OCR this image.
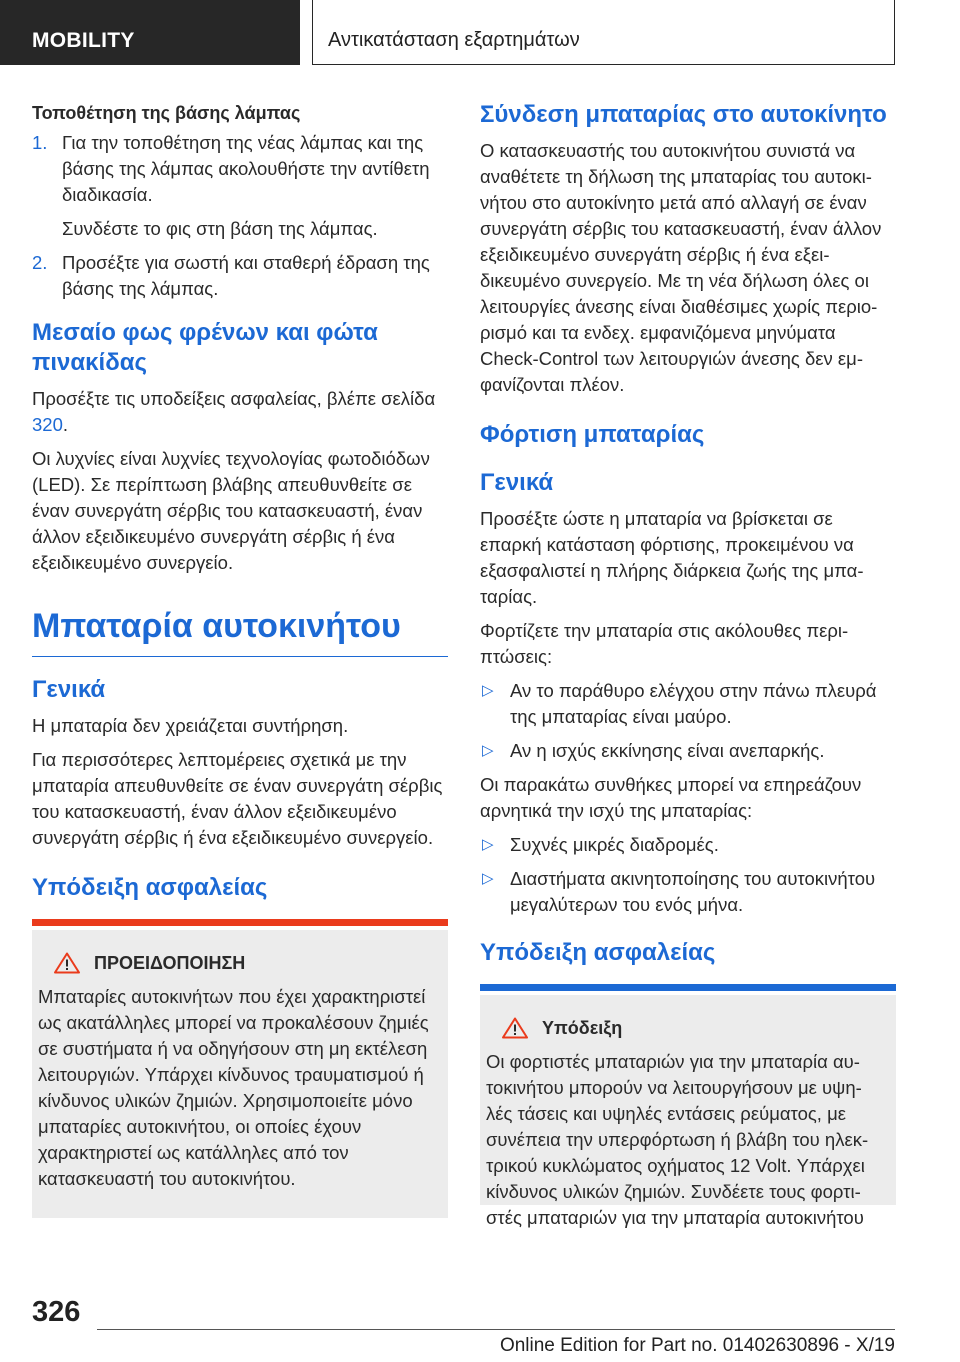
MOBILITY	Αντικατάσταση εξαρτημάτων
Τοποθέτηση της βάσης λάμπας
1. Για την τοποθέτηση της νέας λάμπας και της βάσης της λάμπας ακολουθήστε την αντίθετη διαδικασία.

Συνδέστε το φις στη βάση της λάμπας.

2. Προσέξτε για σωστή και σταθερή έδραση της βάσης της λάμπας.
Μεσαίο φως φρένων και φώτα πινακίδας

Προσέξτε τις υποδείξεις ασφαλείας, βλέπε σελίδα 320.

Οι λυχνίες είναι λυχνίες τεχνολογίας φωτοδιόδων (LED). Σε περίπτωση βλάβης απευθυνθείτε σε έναν συνεργάτη σέρβις του κατασκευαστή, έναν άλλον εξειδικευμένο συνεργάτη σέρβις ή ένα εξειδικευμένο συνεργείο.

Μπαταρία αυτοκινήτου
Γενικά

Η μπαταρία δεν χρειάζεται συντήρηση.

Για περισσότερες λεπτομέρειες σχετικά με την μπαταρία απευθυνθείτε σε έναν συνεργάτη σέρβις του κατασκευαστή, έναν άλλον εξειδικευμένο συνεργάτη σέρβις ή ένα εξειδικευμένο συνεργείο.

Υπόδειξη ασφαλείας
ΠΡΟΕΙΔΟΠΟΙΗΣΗ

Μπαταρίες αυτοκινήτων που έχει χαρακτηριστεί ως ακατάλληλες μπορεί να προκαλέσουν ζημιές σε συστήματα ή να οδηγήσουν στη μη εκτέλεση λειτουργιών. Υπάρχει κίνδυνος τραυματισμού ή κίνδυνος υλικών ζημιών. Χρησιμοποιείτε μόνο μπαταρίες αυτοκινήτου, οι οποίες έχουν χαρακτηριστεί ως κατάλληλες από τον κατασκευαστή του αυτοκινήτου.

Σύνδεση μπαταρίας στο αυτοκίνητο

Ο κατασκευαστής του αυτοκινήτου συνιστά να αναθέτετε τη δήλωση της μπαταρίας του αυτοκινήτου στο αυτοκίνητο μετά από αλλαγή σε έναν συνεργάτη σέρβις του κατασκευαστή, έναν άλλον εξειδικευμένο συνεργάτη σέρβις ή ένα εξειδικευμένο συνεργείο. Με τη νέα δήλωση όλες οι λειτουργίες άνεσης είναι διαθέσιμες χωρίς περιορισμό και τα ενδεχ. εμφανιζόμενα μηνύματα Check-Control των λειτουργιών άνεσης δεν εμφανίζονται πλέον.

Φόρτιση μπαταρίας
Γενικά

Προσέξτε ώστε η μπαταρία να βρίσκεται σε επαρκή κατάσταση φόρτισης, προκειμένου να εξασφαλιστεί η πλήρης διάρκεια ζωής της μπαταρίας.

Φορτίζετε την μπαταρία στις ακόλουθες περιπτώσεις:

▷ Αν το παράθυρο ελέγχου στην πάνω πλευρά της μπαταρίας είναι μαύρο.
▷ Αν η ισχύς εκκίνησης είναι ανεπαρκής.

Οι παρακάτω συνθήκες μπορεί να επηρεάζουν αρνητικά την ισχύ της μπαταρίας:

▷ Συχνές μικρές διαδρομές.
▷ Διαστήματα ακινητοποίησης του αυτοκινήτου μεγαλύτερων του ενός μήνα.
Υπόδειξη ασφαλείας
Υπόδειξη

Οι φορτιστές μπαταριών για την μπαταρία αυτοκινήτου μπορούν να λειτουργήσουν με υψηλές τάσεις και υψηλές εντάσεις ρεύματος, με συνέπεια την υπερφόρτωση ή βλάβη του ηλεκτρικού κυκλώματος οχήματος 12 Volt. Υπάρχει κίνδυνος υλικών ζημιών. Συνδέετε τους φορτιστές μπαταριών για την μπαταρία αυτοκινήτου

326
Online Edition for Part no. 01402630896 - X/19
